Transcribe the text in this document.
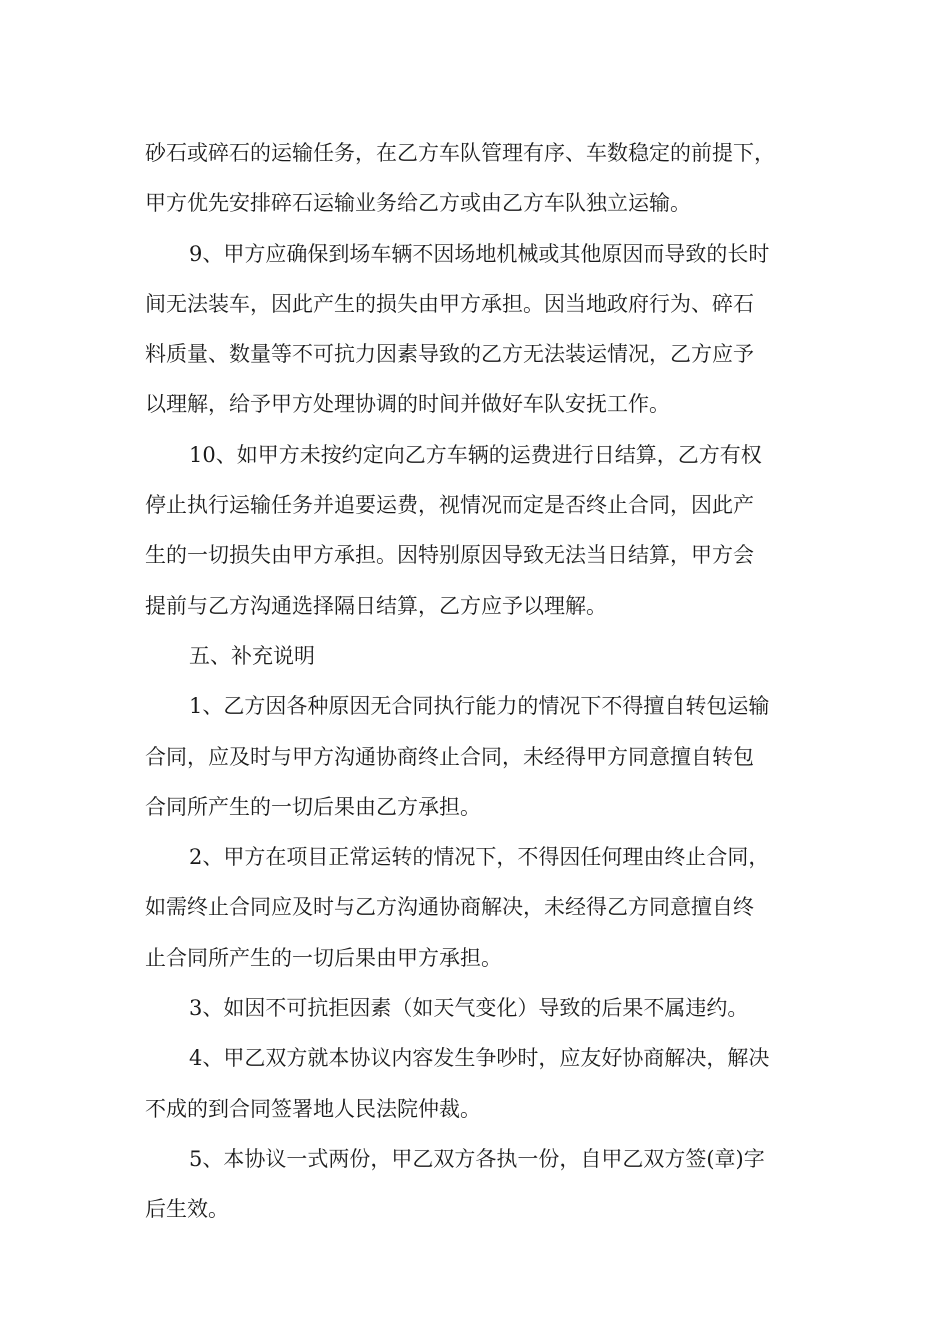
砂石或碎石的运输任务，在乙方车队管理有序、车数稳定的前提下，
甲方优先安排碎石运输业务给乙方或由乙方车队独立运输。
9、甲方应确保到场车辆不因场地机械或其他原因而导致的长时
间无法装车，因此产生的损失由甲方承担。因当地政府行为、碎石
料质量、数量等不可抗力因素导致的乙方无法装运情况，乙方应予
以理解，给予甲方处理协调的时间并做好车队安抚工作。
10、如甲方未按约定向乙方车辆的运费进行日结算，乙方有权
停止执行运输任务并追要运费，视情况而定是否终止合同，因此产
生的一切损失由甲方承担。因特别原因导致无法当日结算，甲方会
提前与乙方沟通选择隔日结算，乙方应予以理解。
五、补充说明
1、乙方因各种原因无合同执行能力的情况下不得擅自转包运输
合同，应及时与甲方沟通协商终止合同，未经得甲方同意擅自转包
合同所产生的一切后果由乙方承担。
2、甲方在项目正常运转的情况下，不得因任何理由终止合同，
如需终止合同应及时与乙方沟通协商解决，未经得乙方同意擅自终
止合同所产生的一切后果由甲方承担。
3、如因不可抗拒因素（如天气变化）导致的后果不属违约。
4、甲乙双方就本协议内容发生争吵时，应友好协商解决，解决
不成的到合同签署地人民法院仲裁。
5、本协议一式两份，甲乙双方各执一份，自甲乙双方签(章)字
后生效。
